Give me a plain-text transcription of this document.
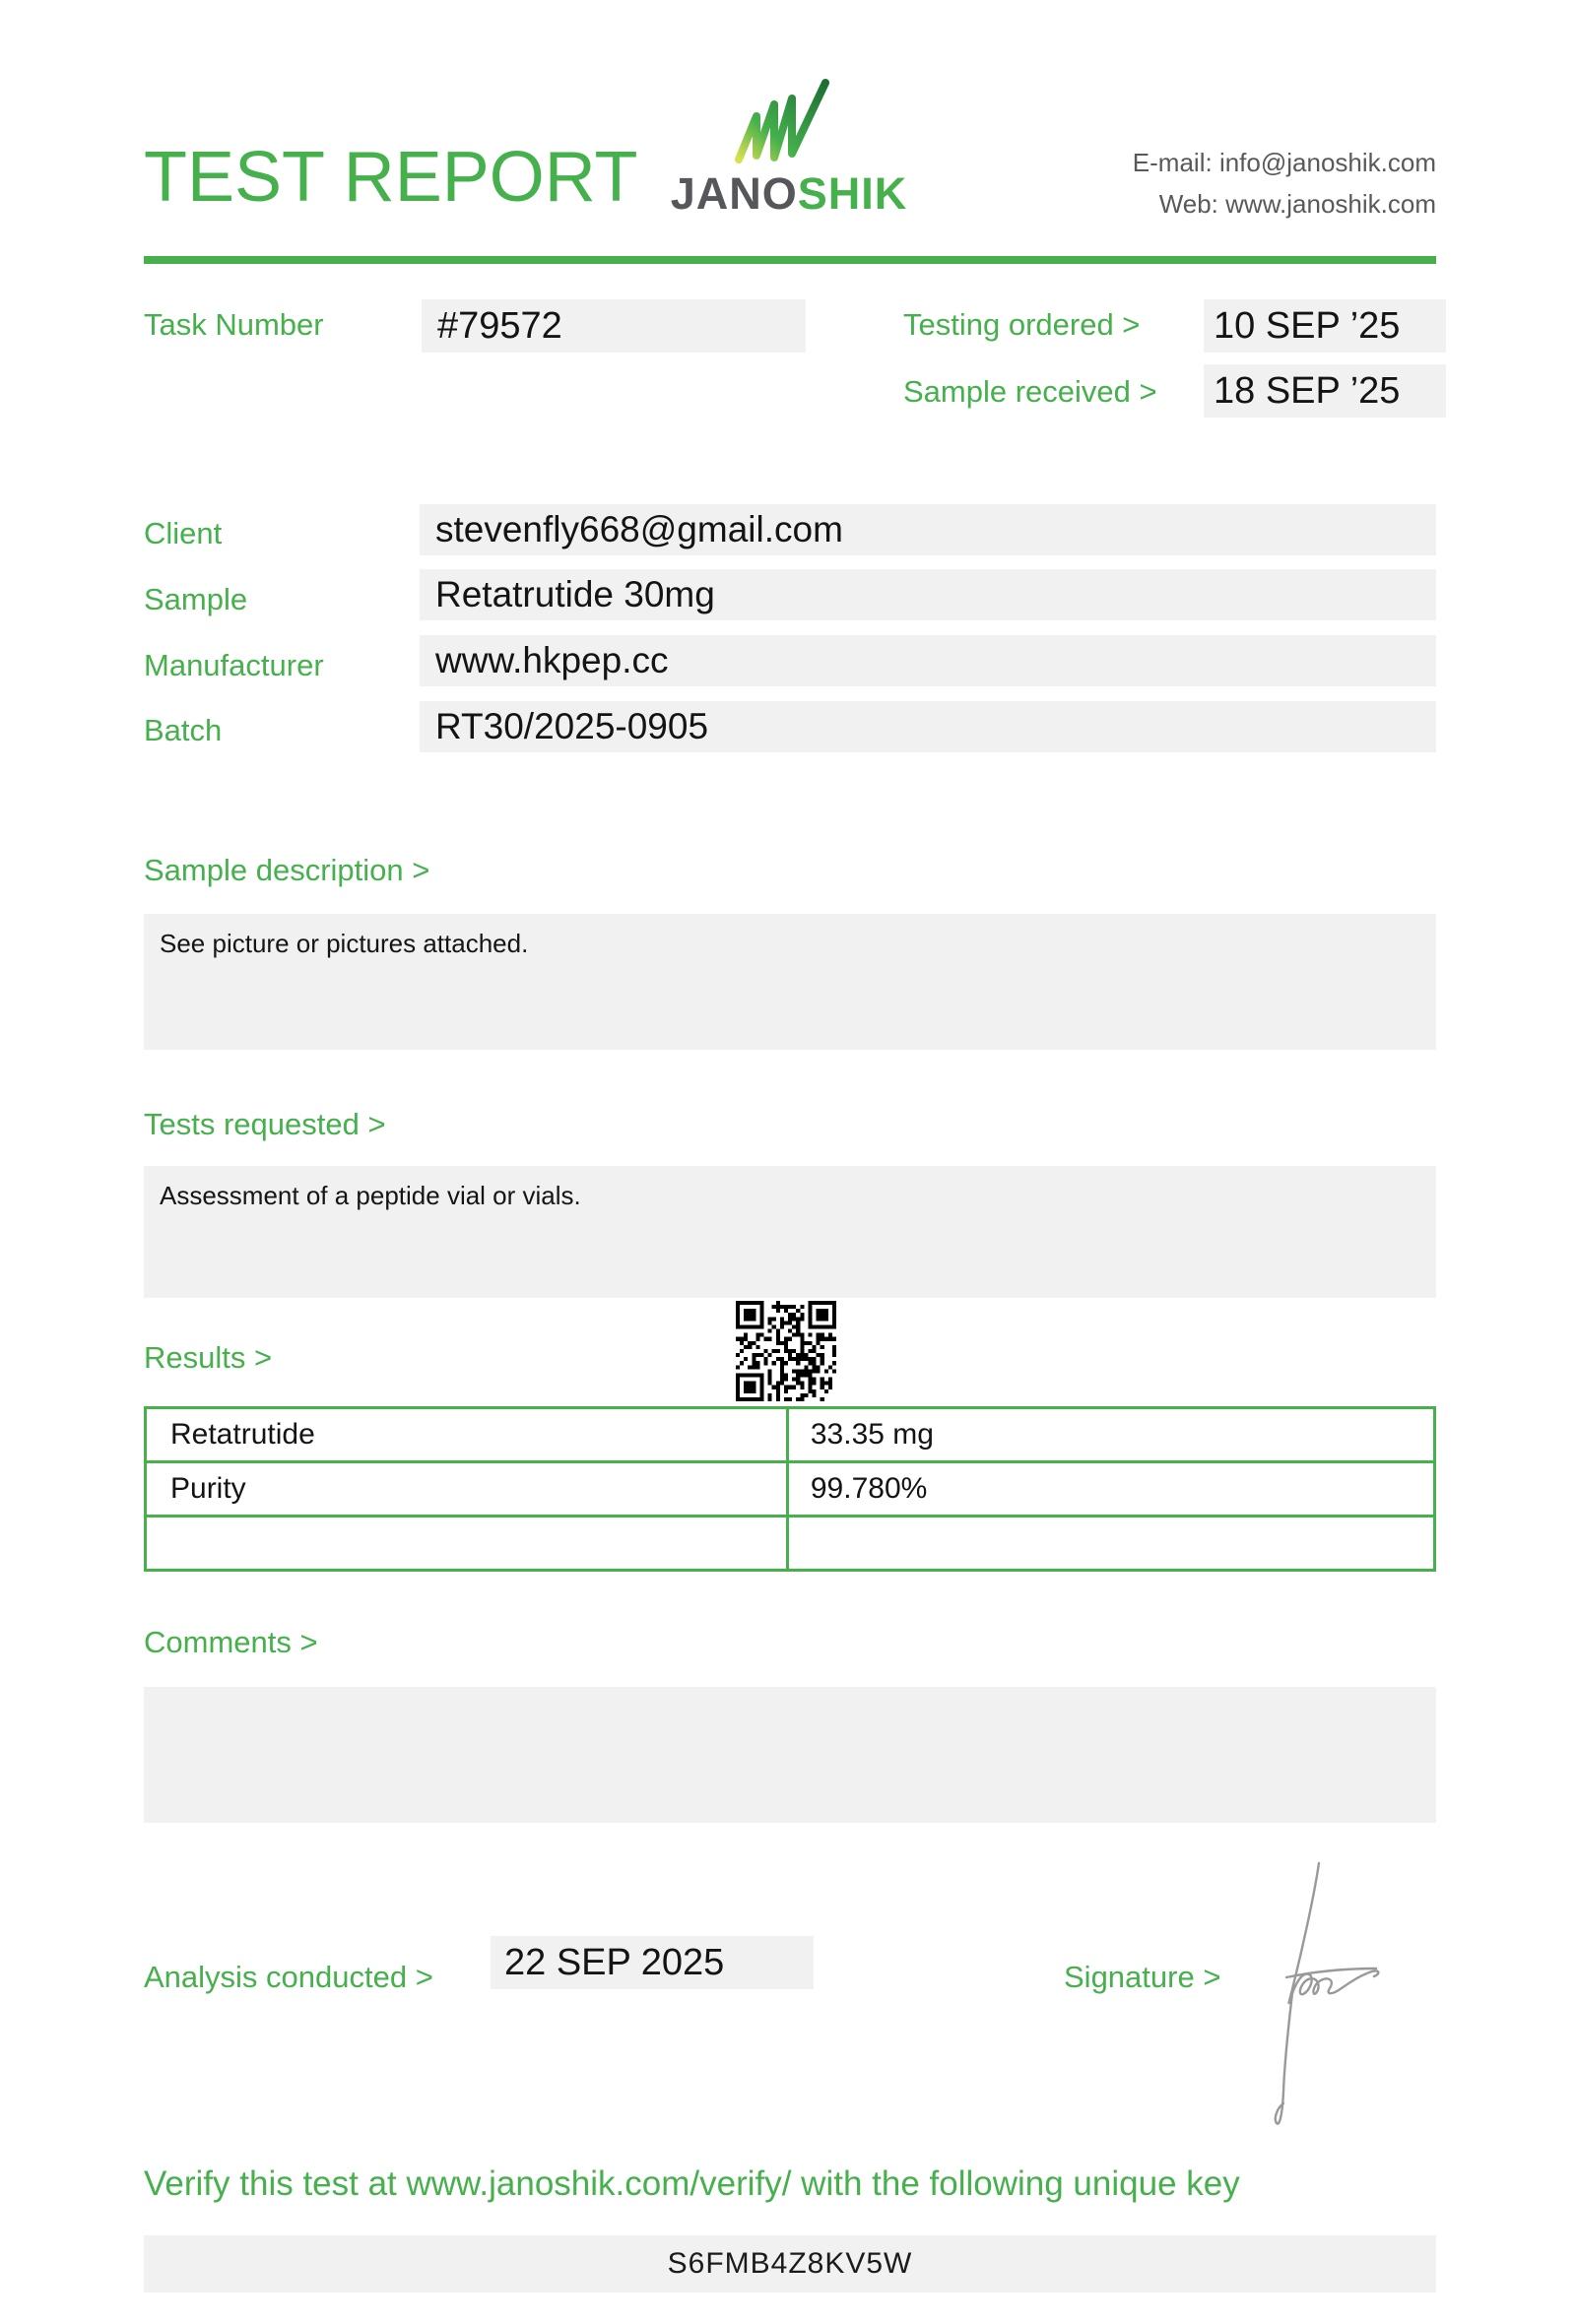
TEST REPORT JANOSHIK
E-mail: info@janoshik.com
Web: www.janoshik.com
Task Number	#79572	Testing ordered > 10 SEP ’25
Sample received > 18 SEP ’25
Client	stevenfly668@gmail.com
Sample	Retatrutide 30mg
Manufacturer	www.hkpep.cc
Batch	RT30/2025-0905
Sample description >
See picture or pictures attached.
Tests requested >
Assessment of a peptide vial or vials.
Results >
Retatrutide	33.35 mg
Purity	99.780%

Comments >
Analysis conducted > 22 SEP 2025	Signature >
Verify this test at www.janoshik.com/verify/ with the following unique key
S6FMB4Z8KV5W
